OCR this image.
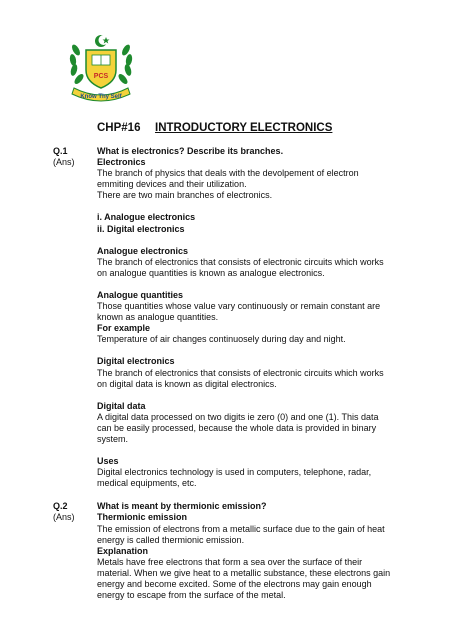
PCS
Know Thy Self
CHP#16 INTRODUCTORY ELECTRONICS
Q.1	What is electronics? Describe its branches.

(Ans) Electronics

The branch of physics that deals with the devolpement of electron

emmiting devices and their utilization.

There are two main branches of electronics.

i. Analogue electronics

ii. Digital electronics

Analogue electronics

The branch of electronics that consists of electronic circuits which works

on analogue quantities is known as analogue electronics.

Analogue quantities

Those quantities whose value vary continuously or remain constant are

known as analogue quantities.

For example

Temperature of air changes continuosely during day and night.

Digital electronics

The branch of electronics that consists of electronic circuits which works

on digital data is known as digital electronics.

Digital data

A digital data processed on two digits ie zero (0) and one (1). This data

can be easily processed, because the whole data is provided in binary

system.

Uses

Digital electronics technology is used in computers, telephone, radar,

medical equipments, etc.

Q.2	What is meant by thermionic emission?

(Ans) Thermionic emission

The emission of electrons from a metallic surface due to the gain of heat

energy is called thermionic emission.

Explanation

Metals have free electrons that form a sea over the surface of their

material. When we give heat to a metallic substance, these electrons gain

energy and become excited. Some of the electrons may gain enough

energy to escape from the surface of the metal.
